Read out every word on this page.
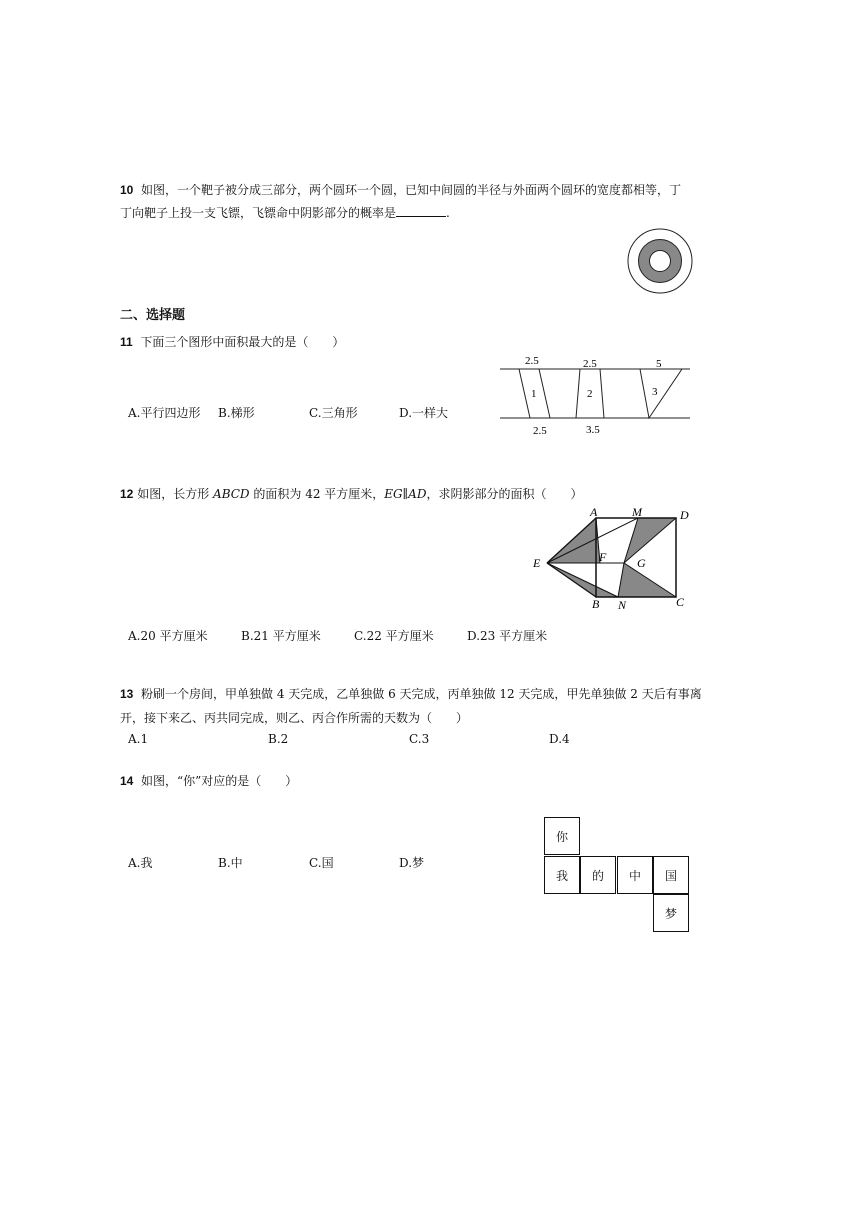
10 如图，一个靶子被分成三部分，两个圆环一个圆，已知中间圆的半径与外面两个圆环的宽度都相等，丁
丁向靶子上投一支飞镖，飞镖命中阴影部分的概率是	.
二、选择题
11 下面三个图形中面积最大的是（　　）
A.平行四边形 B.梯形	C.三角形	D.一样大
2.5	2.5	5
2.5	3.5
1	2	3
12 如图，长方形 ABCD 的面积为 42 平方厘米，EG∥AD，求阴影部分的面积（　　）
A	M	D
E	F	G
B N	C
A.20 平方厘米	B.21 平方厘米	C.22 平方厘米	D.23 平方厘米
13 粉刷一个房间，甲单独做 4 天完成，乙单独做 6 天完成，丙单独做 12 天完成，甲先单独做 2 天后有事离
开，接下来乙、丙共同完成，则乙、丙合作所需的天数为（　　）
A.1	B.2	C.3	D.4
14 如图，“你”对应的是（　　）
A.我	B.中	C.国	D.梦
你
我	的	中	国
梦
